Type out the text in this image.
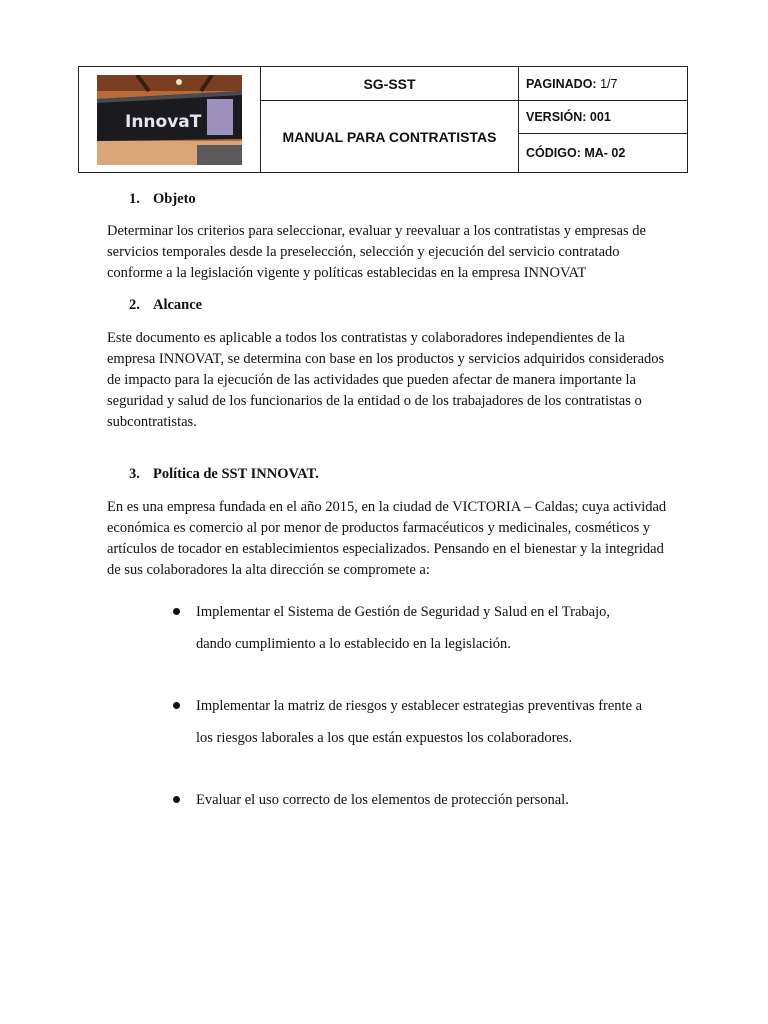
InnovaT	SG-SST	PAGINADO: 1/7
	MANUAL PARA CONTRATISTAS	VERSIÓN: 001
		CÓDIGO: MA- 02
1. Objeto

Determinar los criterios para seleccionar, evaluar y reevaluar a los contratistas y empresas de servicios temporales desde la preselección, selección y ejecución del servicio contratado conforme a la legislación vigente y políticas establecidas en la empresa INNOVAT

2. Alcance

Este documento es aplicable a todos los contratistas y colaboradores independientes de la empresa INNOVAT, se determina con base en los productos y servicios adquiridos considerados de impacto para la ejecución de las actividades que pueden afectar de manera importante la seguridad y salud de los funcionarios de la entidad o de los trabajadores de los contratistas o subcontratistas.

3. Política de SST INNOVAT.

En es una empresa fundada en el año 2015, en la ciudad de VICTORIA – Caldas; cuya actividad económica es comercio al por menor de productos farmacéuticos y medicinales, cosméticos y artículos de tocador en establecimientos especializados. Pensando en el bienestar y la integridad de sus colaboradores la alta dirección se compromete a:

Implementar el Sistema de Gestión de Seguridad y Salud en el Trabajo,
dando cumplimiento a lo establecido en la legislación.
Implementar la matriz de riesgos y establecer estrategias preventivas frente a
los riesgos laborales a los que están expuestos los colaboradores.
Evaluar el uso correcto de los elementos de protección personal.
